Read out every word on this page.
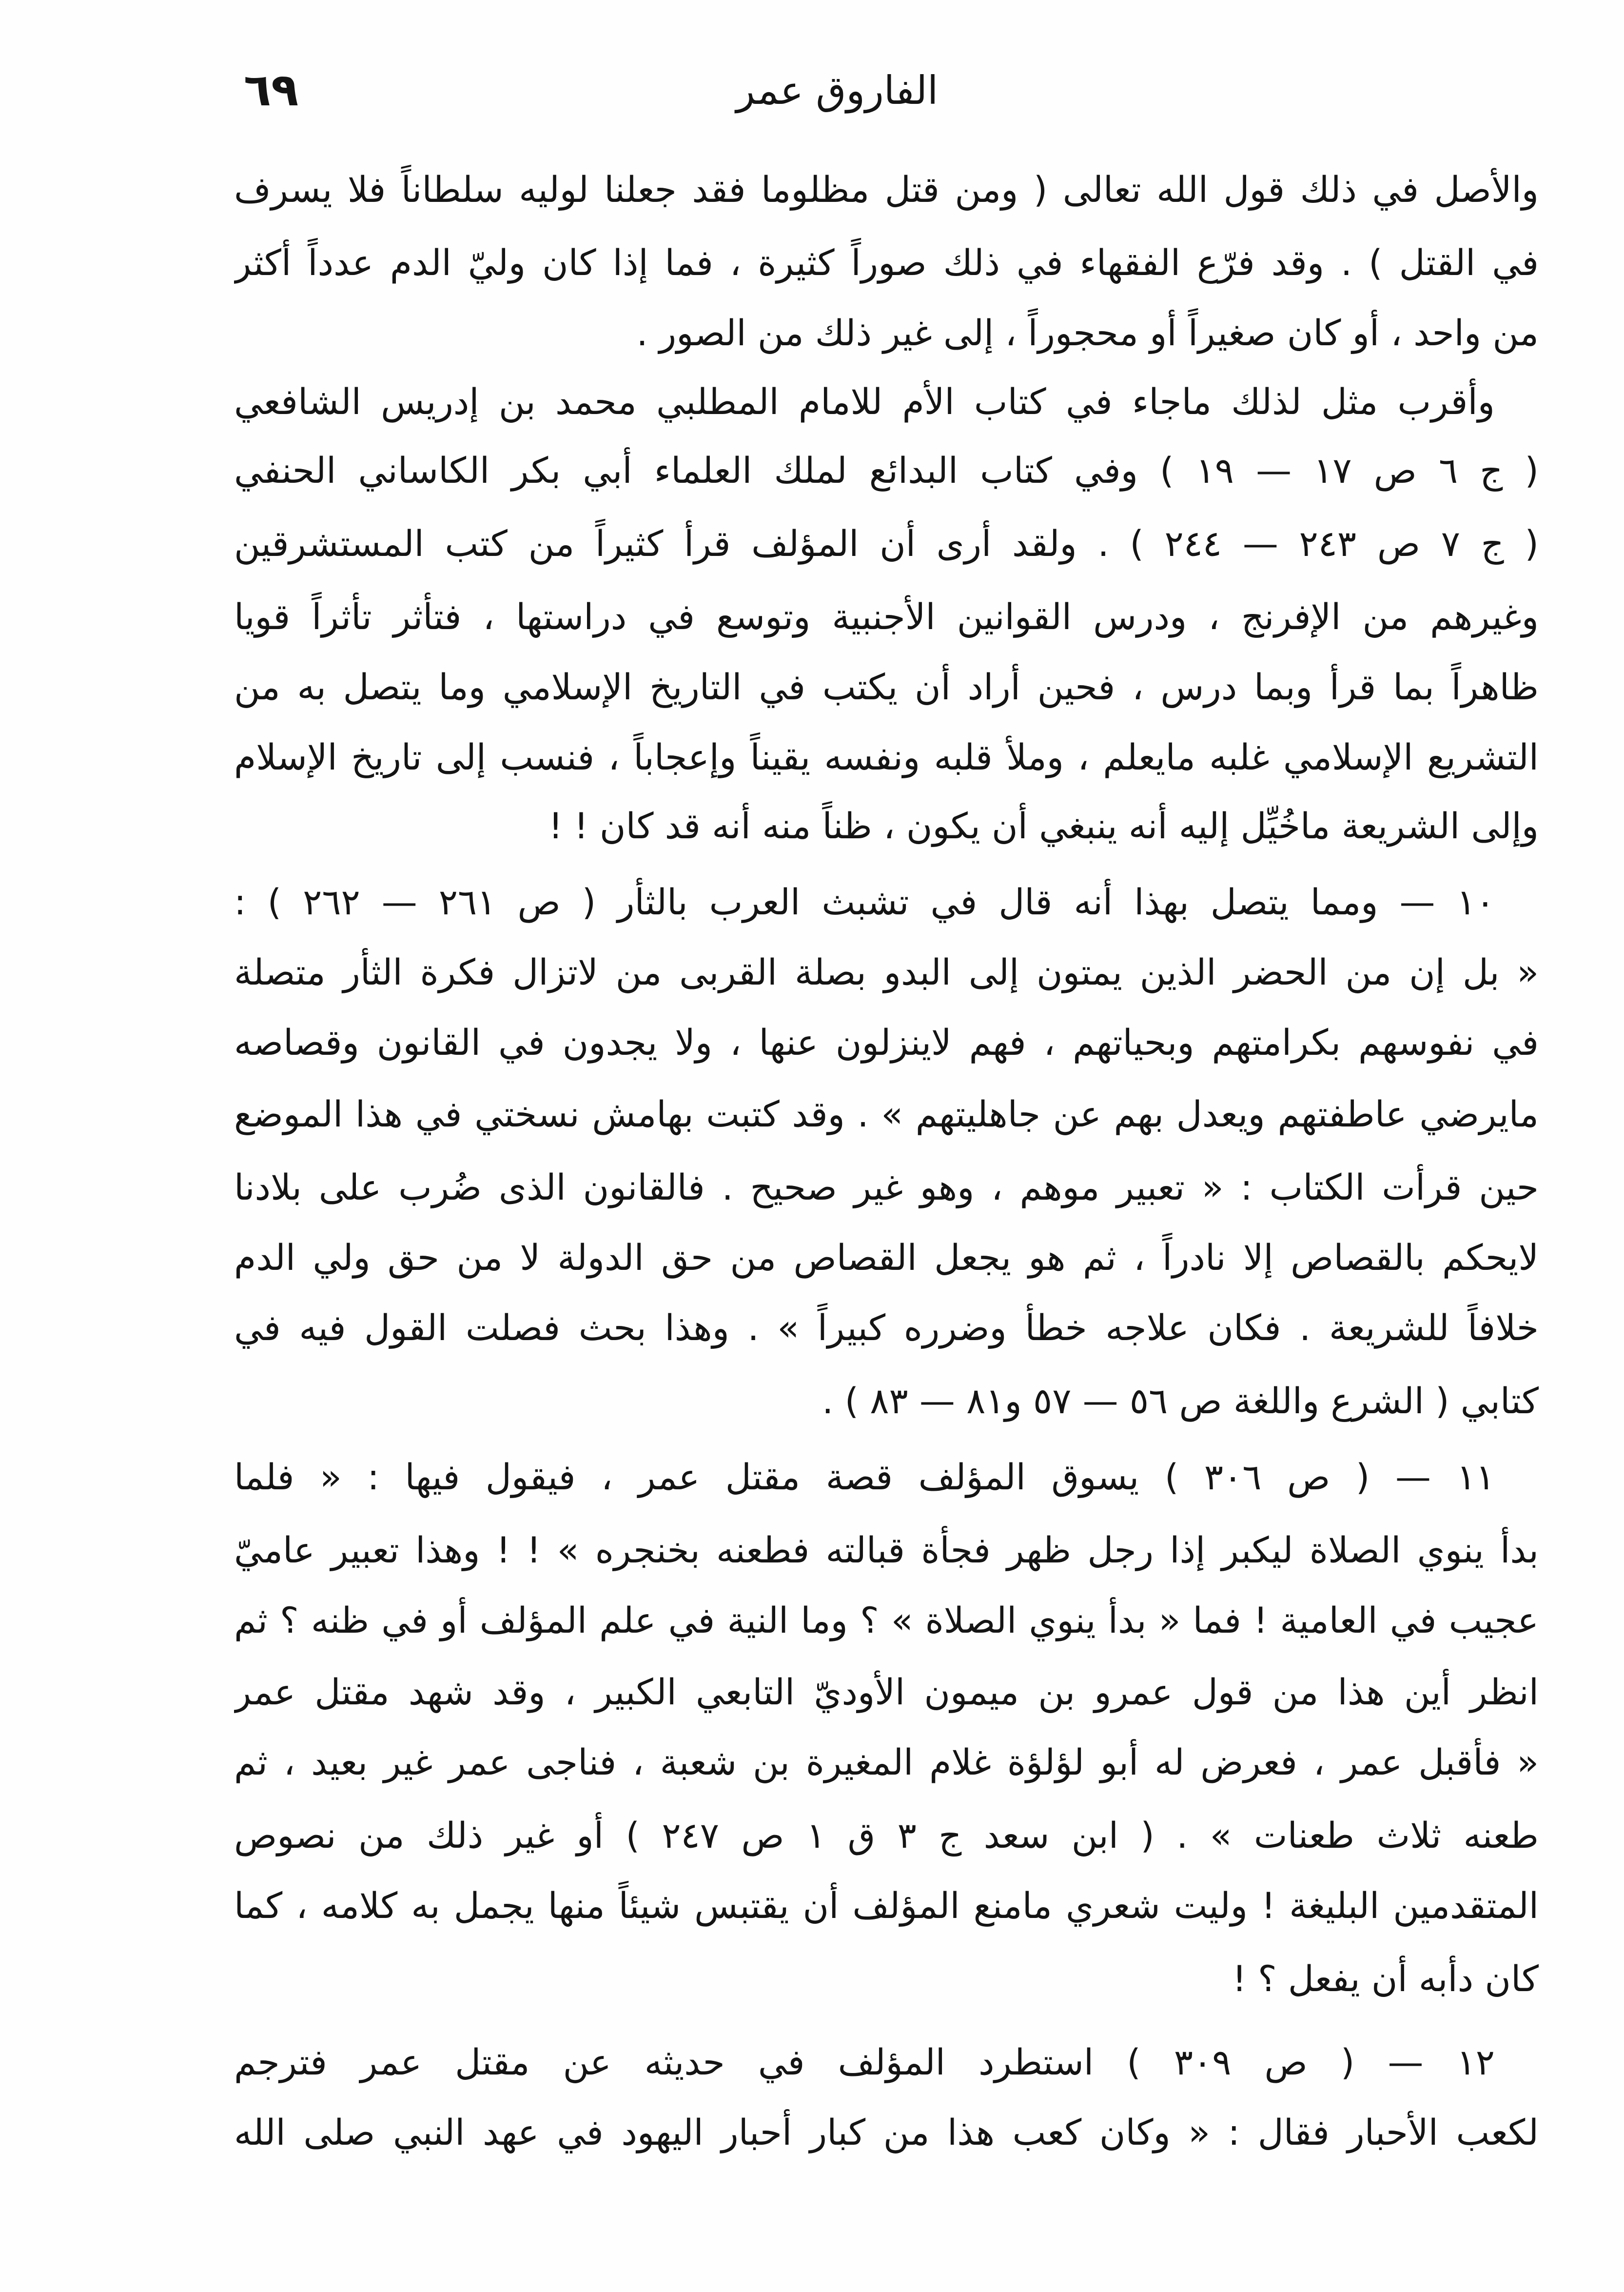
٦٩	الفاروق عمر
والأصل في ذلك قول الله تعالى ( ومن قتل مظلوما فقد جعلنا لوليه سلطاناً فلا يسرف
في القتل ) . وقد فرّع الفقهاء في ذلك صوراً كثيرة ، فما إذا كان وليّ الدم عدداً أكثر
من واحد ، أو كان صغيراً أو محجوراً ، إلى غير ذلك من الصور .
وأقرب مثل لذلك ماجاء في كتاب الأم للامام المطلبي محمد بن إدريس الشافعي
( ج ٦ ص ١٧ — ١٩ ) وفي كتاب البدائع لملك العلماء أبي بكر الكاساني الحنفي
( ج ٧ ص ٢٤٣ — ٢٤٤ ) . ولقد أرى أن المؤلف قرأ كثيراً من كتب المستشرقين
وغيرهم من الإفرنج ، ودرس القوانين الأجنبية وتوسع في دراستها ، فتأثر تأثراً قويا
ظاهراً بما قرأ وبما درس ، فحين أراد أن يكتب في التاريخ الإسلامي وما يتصل به من
التشريع الإسلامي غلبه مايعلم ، وملأ قلبه ونفسه يقيناً وإعجاباً ، فنسب إلى تاريخ الإسلام
وإلى الشريعة ماخُيِّل إليه أنه ينبغي أن يكون ، ظناً منه أنه قد كان ! !
١٠ — ومما يتصل بهذا أنه قال في تشبث العرب بالثأر ( ص ٢٦١ — ٢٦٢ ) :
« بل إن من الحضر الذين يمتون إلى البدو بصلة القربى من لاتزال فكرة الثأر متصلة
في نفوسهم بكرامتهم وبحياتهم ، فهم لاينزلون عنها ، ولا يجدون في القانون وقصاصه
مايرضي عاطفتهم ويعدل بهم عن جاهليتهم » . وقد كتبت بهامش نسختي في هذا الموضع
حين قرأت الكتاب : « تعبير موهم ، وهو غير صحيح . فالقانون الذى ضُرب على بلادنا
لايحكم بالقصاص إلا نادراً ، ثم هو يجعل القصاص من حق الدولة لا من حق ولي الدم
خلافاً للشريعة . فكان علاجه خطأ وضرره كبيراً » . وهذا بحث فصلت القول فيه في
كتابي ( الشرع واللغة ص ٥٦ — ٥٧ و٨١ — ٨٣ ) .
١١ — ( ص ٣٠٦ ) يسوق المؤلف قصة مقتل عمر ، فيقول فيها : « فلما
بدأ ينوي الصلاة ليكبر إذا رجل ظهر فجأة قبالته فطعنه بخنجره » ! ! وهذا تعبير عاميّ
عجيب في العامية ! فما « بدأ ينوي الصلاة » ؟ وما النية في علم المؤلف أو في ظنه ؟ ثم
انظر أين هذا من قول عمرو بن ميمون الأوديّ التابعي الكبير ، وقد شهد مقتل عمر
« فأقبل عمر ، فعرض له أبو لؤلؤة غلام المغيرة بن شعبة ، فناجى عمر غير بعيد ، ثم
طعنه ثلاث طعنات » . ( ابن سعد ج ٣ ق ١ ص ٢٤٧ ) أو غير ذلك من نصوص
المتقدمين البليغة ! وليت شعري مامنع المؤلف أن يقتبس شيئاً منها يجمل به كلامه ، كما
كان دأبه أن يفعل ؟ !
١٢ — ( ص ٣٠٩ ) استطرد المؤلف في حديثه عن مقتل عمر فترجم
لكعب الأحبار فقال : « وكان كعب هذا من كبار أحبار اليهود في عهد النبي صلى الله
